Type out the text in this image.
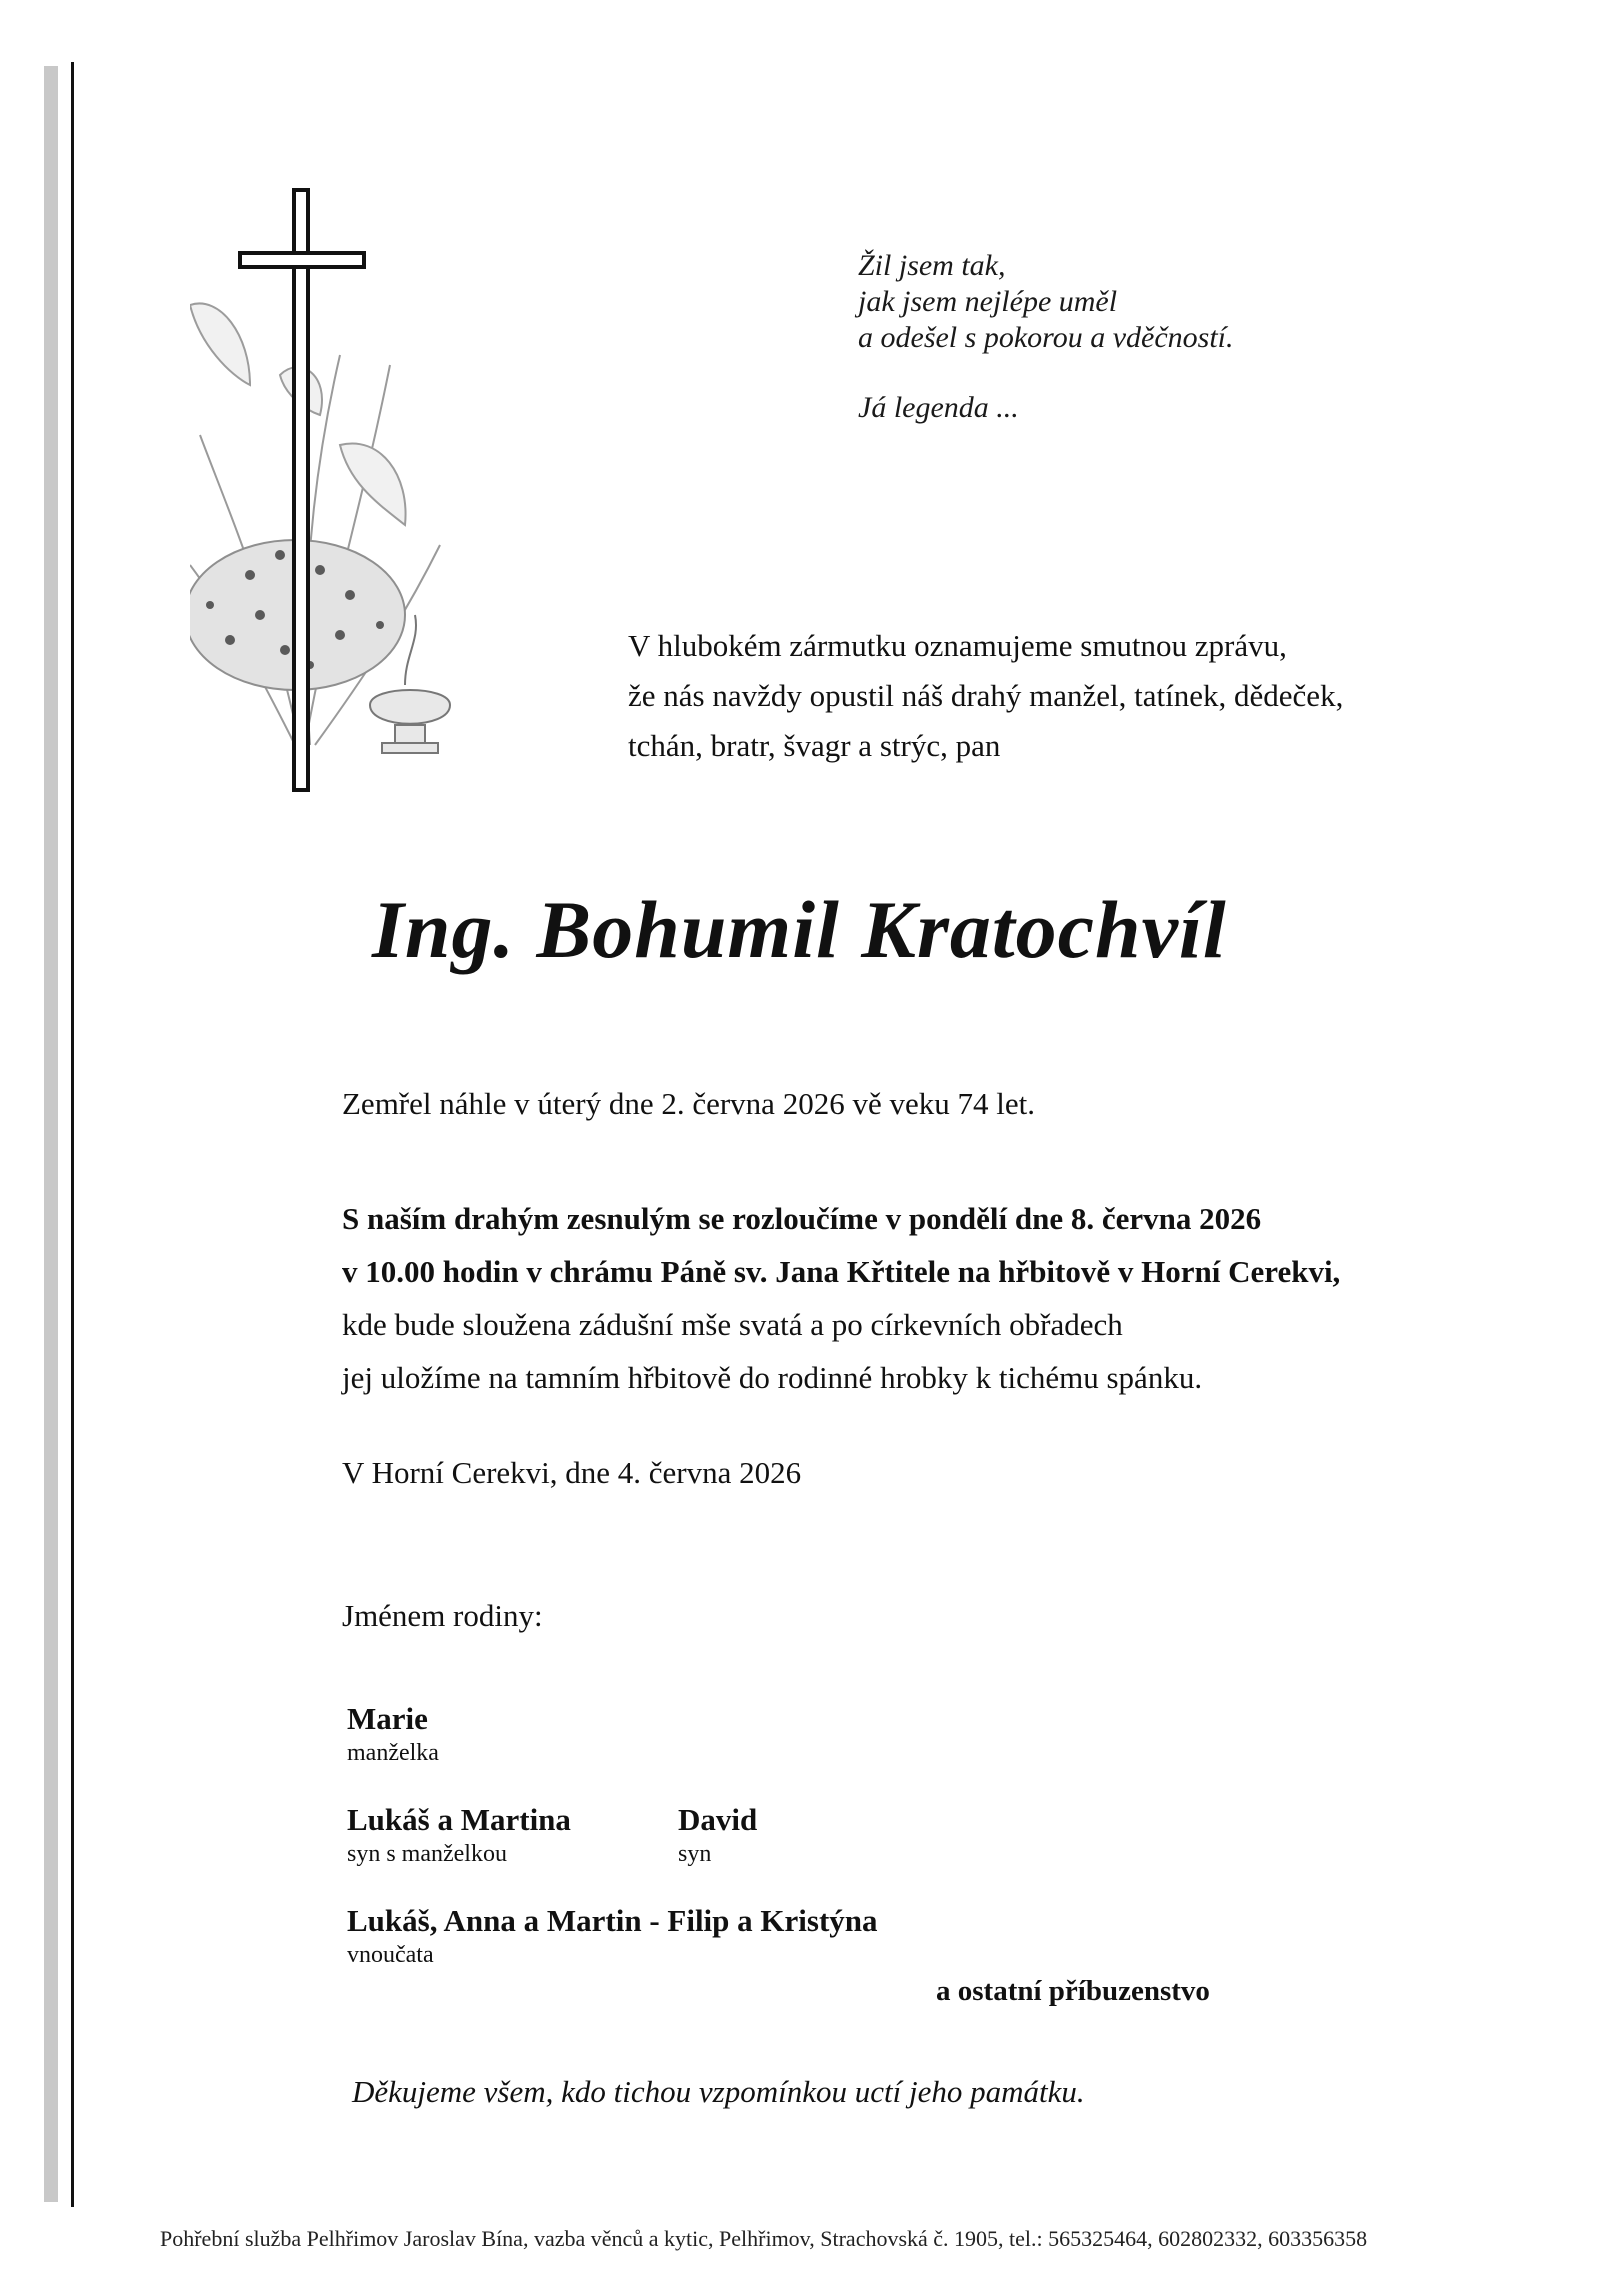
Žil jsem tak,
jak jsem nejlépe uměl
a odešel s pokorou a vděčností.
Já legenda ...
V hlubokém zármutku oznamujeme smutnou zprávu,
že nás navždy opustil náš drahý manžel, tatínek, dědeček,
tchán, bratr, švagr a strýc, pan
Ing. Bohumil Kratochvíl
Zemřel náhle v úterý dne 2. června 2026 vě veku 74 let.
S naším drahým zesnulým se rozloučíme v pondělí dne 8. června 2026
v 10.00 hodin v chrámu Páně sv. Jana Křtitele na hřbitově v Horní Cerekvi,
kde bude sloužena zádušní mše svatá a po církevních obřadech
jej uložíme na tamním hřbitově do rodinné hrobky k tichému spánku.
V Horní Cerekvi, dne 4. června 2026
Jménem rodiny:
Marie
manželka
Lukáš a Martina
syn s manželkou
David
syn
Lukáš, Anna a Martin - Filip a Kristýna
vnoučata
a ostatní příbuzenstvo
Děkujeme všem, kdo tichou vzpomínkou uctí jeho památku.
Pohřební služba Pelhřimov Jaroslav Bína, vazba věnců a kytic, Pelhřimov, Strachovská č. 1905, tel.: 565325464, 602802332, 603356358
